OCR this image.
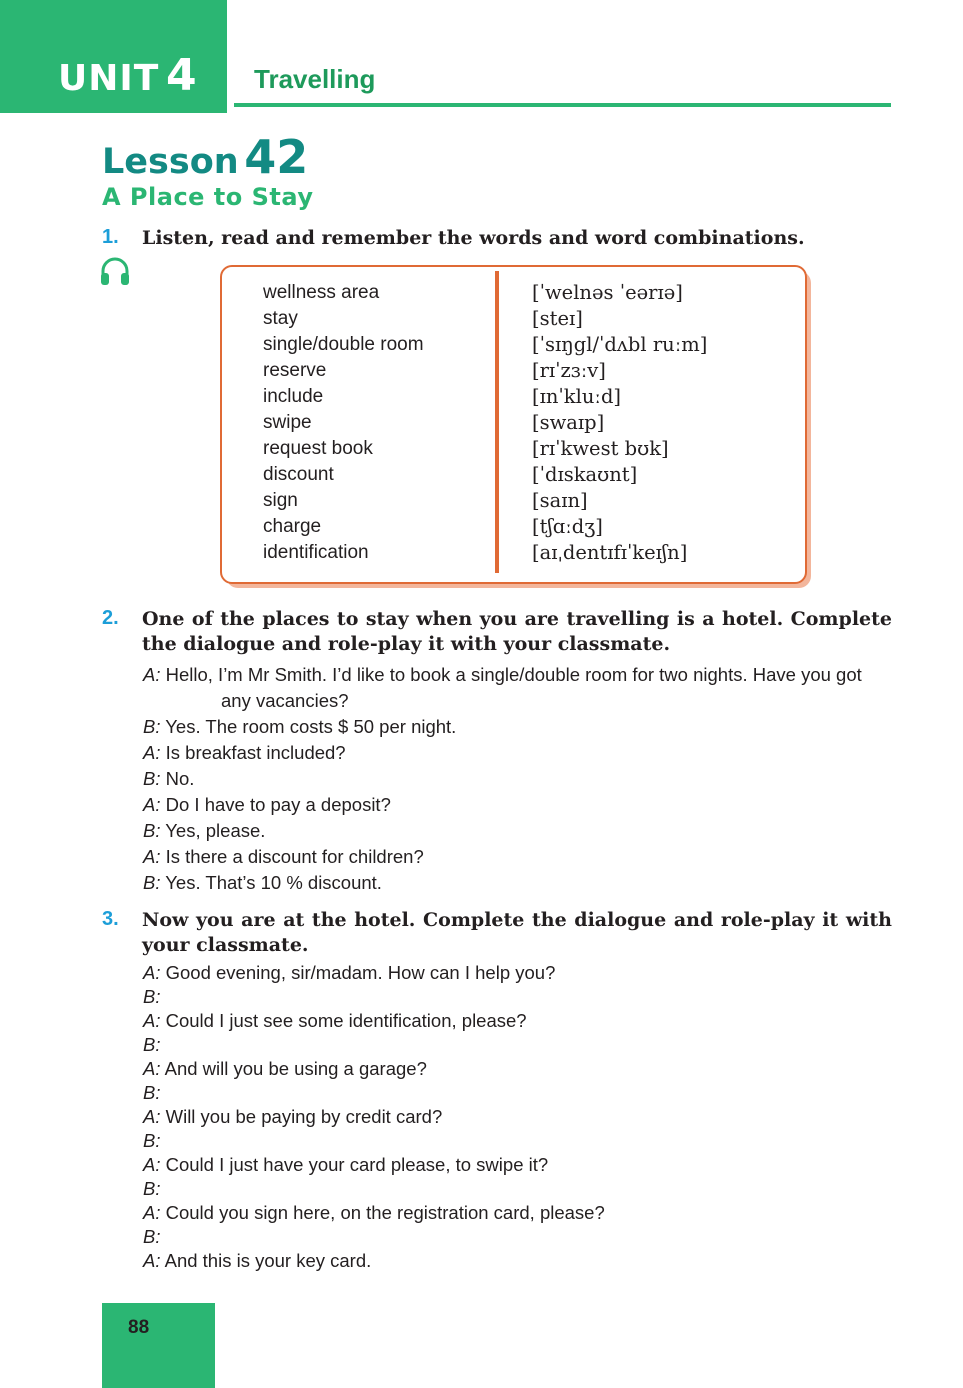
UNIT 4 Travelling
Lesson 42
A Place to Stay
1. Listen, read and remember the words and word combinations.
wellness area
stay
single/double room
reserve
include
swipe
request book
discount
sign
charge
identification
[ˈwelnəs ˈeərɪə]
[steɪ]
[ˈsɪŋgl/ˈdʌbl ruːm]
[rɪˈzɜːv]
[ɪnˈkluːd]
[swaɪp]
[rɪˈkwest bʊk]
[ˈdɪskaʊnt]
[saɪn]
[tʃɑːdʒ]
[aɪˌdentɪfɪˈkeɪʃn]
2. One of the places to stay when you are travelling is a hotel. Complete the dialogue and role-play it with your classmate.
A: Hello, I’m Mr Smith. I’d like to book a single/double room for two nights. Have you got any vacancies?
B: Yes. The room costs $ 50 per night.
A: Is breakfast included?
B: No.
A: Do I have to pay a deposit?
B: Yes, please.
A: Is there a discount for children?
B: Yes. That’s 10 % discount.
3. Now you are at the hotel. Complete the dialogue and role-play it with your classmate.
A: Good evening, sir/madam. How can I help you?
B:
A: Could I just see some identification, please?
B:
A: And will you be using a garage?
B:
A: Will you be paying by credit card?
B:
A: Could I just have your card please, to swipe it?
B:
A: Could you sign here, on the registration card, please?
B:
A: And this is your key card.
88
